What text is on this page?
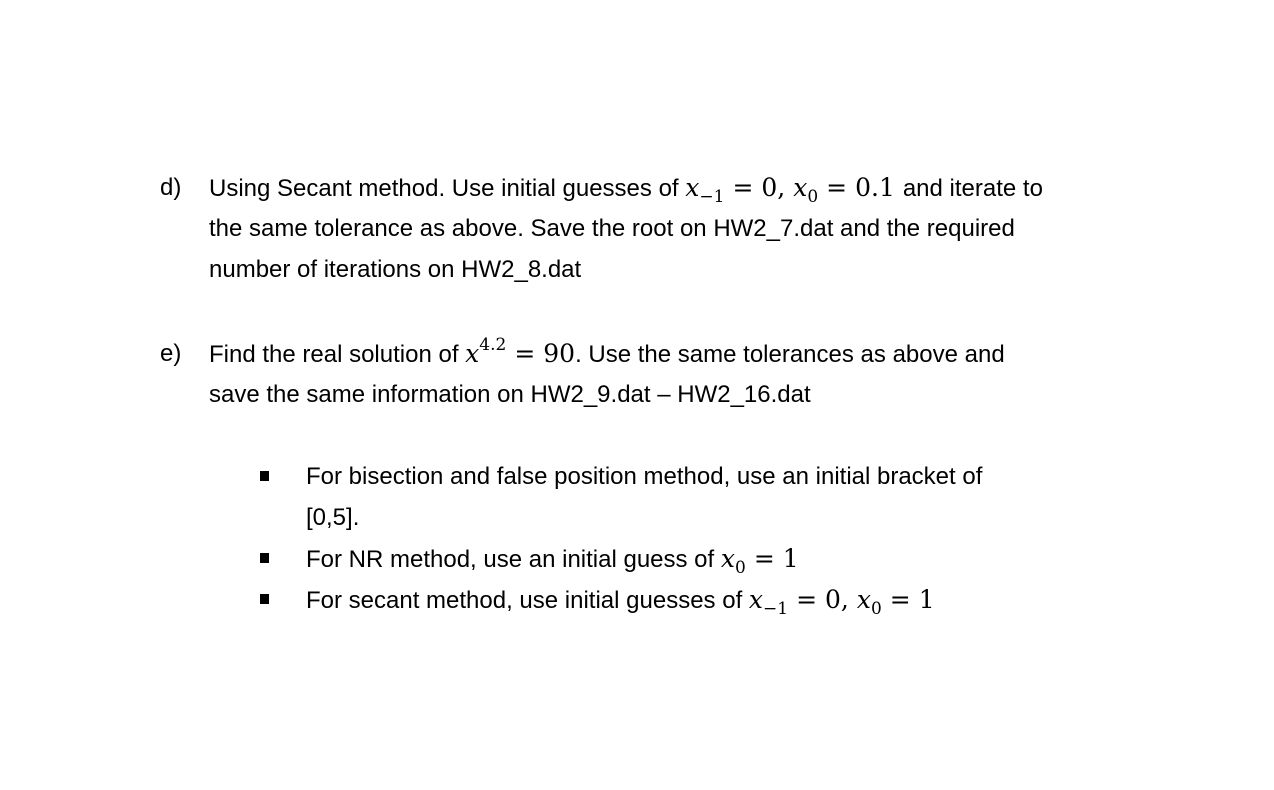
d) Using Secant method. Use initial guesses of $x_{-1} = 0$, $x_0 = 0.1$ and iterate to
the same tolerance as above. Save the root on HW2_7.dat and the required
number of iterations on HW2_8.dat
e) Find the real solution of $x^{4.2} = 90$. Use the same tolerances as above and
save the same information on HW2_9.dat – HW2_16.dat
For bisection and false position method, use an initial bracket of
[0,5].
For NR method, use an initial guess of $x_0 = 1$
For secant method, use initial guesses of $x_{-1} = 0$, $x_0 = 1$
